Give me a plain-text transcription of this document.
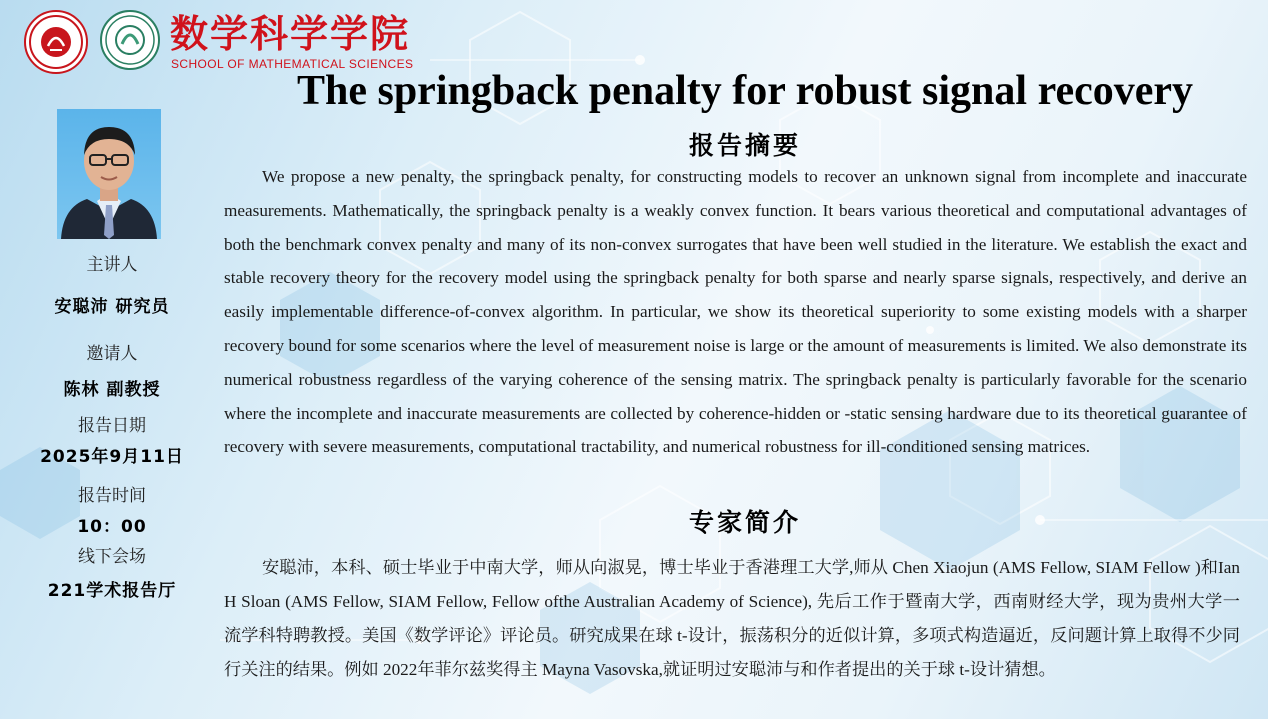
数学科学学院
SCHOOL OF MATHEMATICAL SCIENCES
The springback penalty for robust signal recovery
主讲人
安聪沛 研究员
邀请人
陈林 副教授
报告日期
2025年9月11日
报告时间
10：00
线下会场
221学术报告厅
报告摘要

We propose a new penalty, the springback penalty, for constructing models to recover an unknown signal from incomplete and inaccurate measurements. Mathematically, the springback penalty is a weakly convex function. It bears various theoretical and computational advantages of both the benchmark convex penalty and many of its non-convex surrogates that have been well studied in the literature. We establish the exact and stable recovery theory for the recovery model using the springback penalty for both sparse and nearly sparse signals, respectively, and derive an easily implementable difference-of-convex algorithm. In particular, we show its theoretical superiority to some existing models with a sharper recovery bound for some scenarios where the level of measurement noise is large or the amount of measurements is limited. We also demonstrate its numerical robustness regardless of the varying coherence of the sensing matrix. The springback penalty is particularly favorable for the scenario where the incomplete and inaccurate measurements are collected by coherence-hidden or -static sensing hardware due to its theoretical guarantee of recovery with severe measurements, computational tractability, and numerical robustness for ill-conditioned sensing matrices.

专家简介

安聪沛，本科、硕士毕业于中南大学，师从向淑晃，博士毕业于香港理工大学,师从 Chen Xiaojun (AMS Fellow, SIAM Fellow )和Ian H Sloan (AMS Fellow, SIAM Fellow, Fellow ofthe Australian Academy of Science), 先后工作于暨南大学，西南财经大学，现为贵州大学一流学科特聘教授。美国《数学评论》评论员。研究成果在球 t-设计，振荡积分的近似计算，多项式构造逼近，反问题计算上取得不少同行关注的结果。例如 2022年菲尔兹奖得主 Mayna Vasovska,就证明过安聪沛与和作者提出的关于球 t-设计猜想。
